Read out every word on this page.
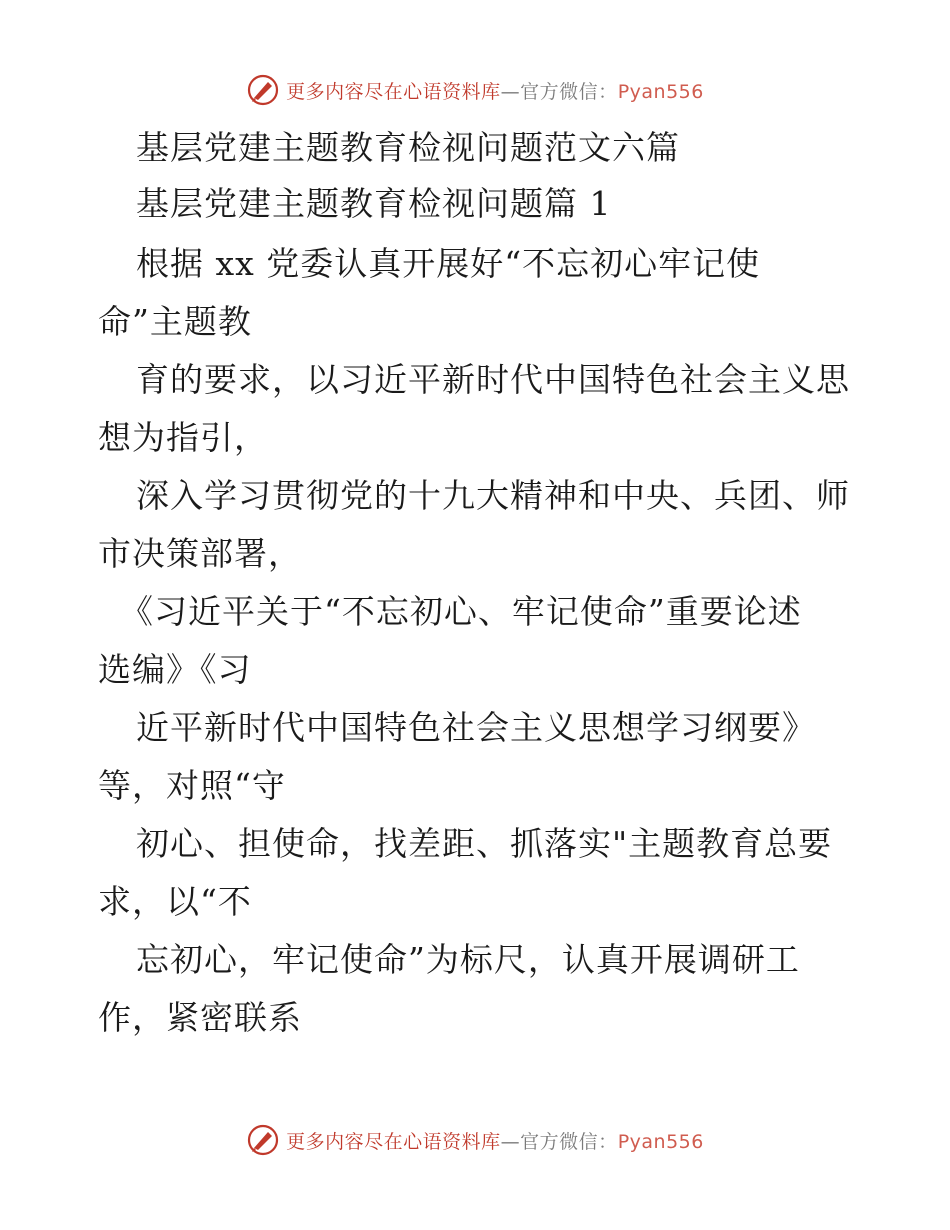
更多内容尽在心语资料库—官方微信：Pyan556
基层党建主题教育检视问题范文六篇
基层党建主题教育检视问题篇 1
根据 xx 党委认真开展好“不忘初心牢记使
命”主题教
育的要求，以习近平新时代中国特色社会主义思
想为指引，
深入学习贯彻党的十九大精神和中央、兵团、师
市决策部署，
《习近平关于“不忘初心、牢记使命”重要论述
选编》《习
近平新时代中国特色社会主义思想学习纲要》
等，对照“守
初心、担使命，找差距、抓落实"主题教育总要
求，以“不
忘初心，牢记使命”为标尺，认真开展调研工
作，紧密联系
更多内容尽在心语资料库—官方微信：Pyan556
